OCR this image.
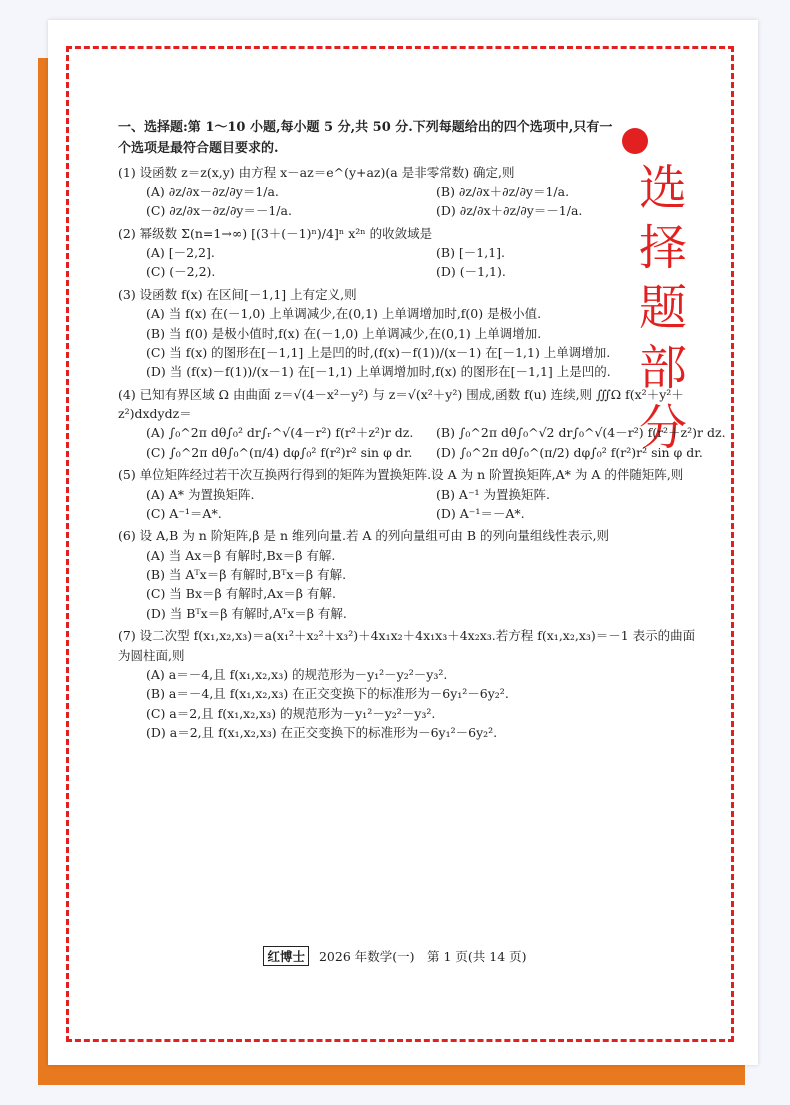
选
择
题
部
分
一、选择题:第 1～10 小题,每小题 5 分,共 50 分.下列每题给出的四个选项中,只有一个选项是最符合题目要求的.
(1) 设函数 z＝z(x,y) 由方程 x－az＝e^(y+az)(a 是非零常数) 确定,则
(A) ∂z/∂x－∂z/∂y＝1/a.	(B) ∂z/∂x＋∂z/∂y＝1/a.
(C) ∂z/∂x－∂z/∂y＝－1/a.	(D) ∂z/∂x＋∂z/∂y＝－1/a.
(2) 幂级数 Σ(n=1→∞) [(3＋(－1)ⁿ)/4]ⁿ x²ⁿ 的收敛域是
(A) [－2,2].	(B) [－1,1].
(C) (－2,2).	(D) (－1,1).
(3) 设函数 f(x) 在区间[－1,1] 上有定义,则
(A) 当 f(x) 在(－1,0) 上单调减少,在(0,1) 上单调增加时,f(0) 是极小值.
(B) 当 f(0) 是极小值时,f(x) 在(－1,0) 上单调减少,在(0,1) 上单调增加.
(C) 当 f(x) 的图形在[－1,1] 上是凹的时,(f(x)－f(1))/(x－1) 在[－1,1) 上单调增加.
(D) 当 (f(x)－f(1))/(x－1) 在[－1,1) 上单调增加时,f(x) 的图形在[－1,1] 上是凹的.
(4) 已知有界区域 Ω 由曲面 z＝√(4－x²－y²) 与 z＝√(x²＋y²) 围成,函数 f(u) 连续,则 ∭Ω f(x²＋y²＋z²)dxdydz＝
(A) ∫₀^2π dθ∫₀² dr∫ᵣ^√(4－r²) f(r²＋z²)r dz.	(B) ∫₀^2π dθ∫₀^√2 dr∫₀^√(4－r²) f(r²＋z²)r dz.
(C) ∫₀^2π dθ∫₀^(π/4) dφ∫₀² f(r²)r² sin φ dr.	(D) ∫₀^2π dθ∫₀^(π/2) dφ∫₀² f(r²)r² sin φ dr.
(5) 单位矩阵经过若干次互换两行得到的矩阵为置换矩阵.设 A 为 n 阶置换矩阵,A* 为 A 的伴随矩阵,则
(A) A* 为置换矩阵.	(B) A⁻¹ 为置换矩阵.
(C) A⁻¹＝A*.	(D) A⁻¹＝－A*.
(6) 设 A,B 为 n 阶矩阵,β 是 n 维列向量.若 A 的列向量组可由 B 的列向量组线性表示,则
(A) 当 Ax＝β 有解时,Bx＝β 有解.
(B) 当 Aᵀx＝β 有解时,Bᵀx＝β 有解.
(C) 当 Bx＝β 有解时,Ax＝β 有解.
(D) 当 Bᵀx＝β 有解时,Aᵀx＝β 有解.
(7) 设二次型 f(x₁,x₂,x₃)＝a(x₁²＋x₂²＋x₃²)＋4x₁x₂＋4x₁x₃＋4x₂x₃.若方程 f(x₁,x₂,x₃)＝－1 表示的曲面为圆柱面,则
(A) a＝－4,且 f(x₁,x₂,x₃) 的规范形为－y₁²－y₂²－y₃².
(B) a＝－4,且 f(x₁,x₂,x₃) 在正交变换下的标准形为－6y₁²－6y₂².
(C) a＝2,且 f(x₁,x₂,x₃) 的规范形为－y₁²－y₂²－y₃².
(D) a＝2,且 f(x₁,x₂,x₃) 在正交变换下的标准形为－6y₁²－6y₂².
红博士 2026 年数学(一)　第 1 页(共 14 页)
